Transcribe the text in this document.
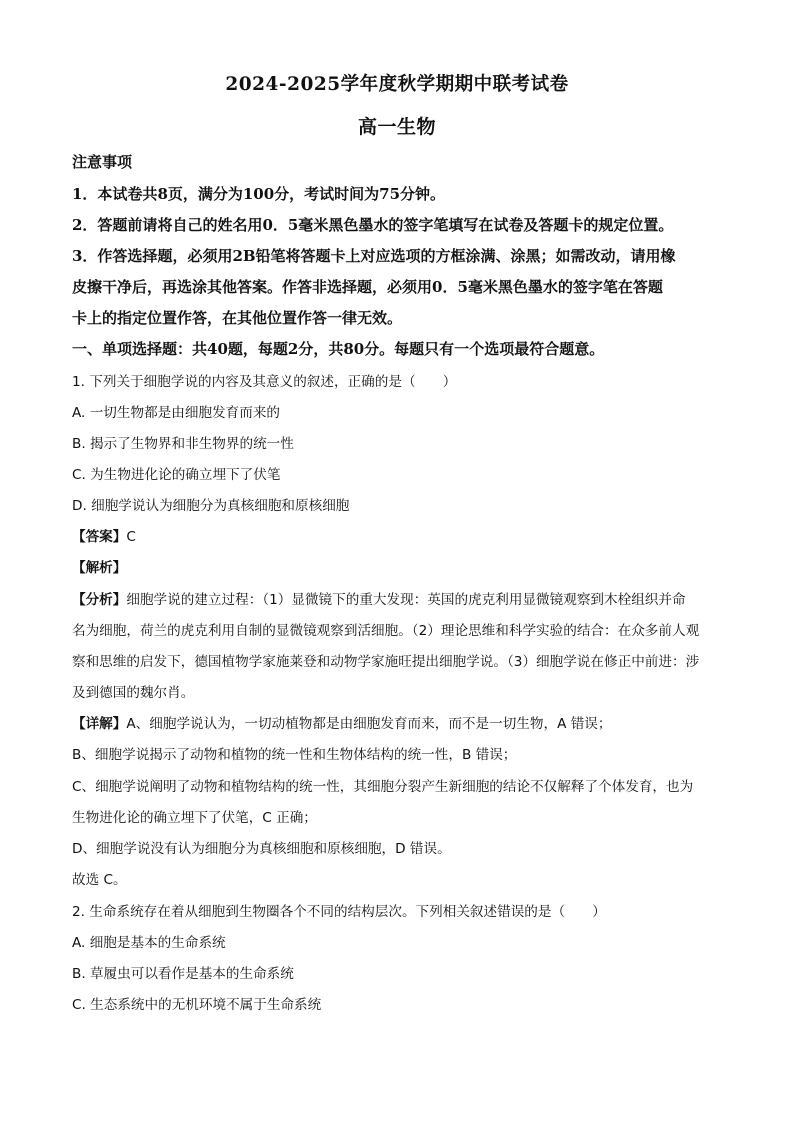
2024-2025学年度秋学期期中联考试卷
高一生物
注意事项
1．本试卷共8页，满分为100分，考试时间为75分钟。
2．答题前请将自己的姓名用0．5毫米黑色墨水的签字笔填写在试卷及答题卡的规定位置。
3．作答选择题，必须用2B铅笔将答题卡上对应选项的方框涂满、涂黑；如需改动，请用橡
皮擦干净后，再选涂其他答案。作答非选择题，必须用0．5毫米黑色墨水的签字笔在答题
卡上的指定位置作答，在其他位置作答一律无效。
一、单项选择题：共40题，每题2分，共80分。每题只有一个选项最符合题意。
1. 下列关于细胞学说的内容及其意义的叙述，正确的是（　　）
A. 一切生物都是由细胞发育而来的
B. 揭示了生物界和非生物界的统一性
C. 为生物进化论的确立埋下了伏笔
D. 细胞学说认为细胞分为真核细胞和原核细胞
【答案】C
【解析】
【分析】细胞学说的建立过程：（1）显微镜下的重大发现：英国的虎克利用显微镜观察到木栓组织并命
名为细胞，荷兰的虎克利用自制的显微镜观察到活细胞。（2）理论思维和科学实验的结合：在众多前人观
察和思维的启发下，德国植物学家施莱登和动物学家施旺提出细胞学说。（3）细胞学说在修正中前进：涉
及到德国的魏尔肖。
【详解】A、细胞学说认为，一切动植物都是由细胞发育而来，而不是一切生物，A 错误；
B、细胞学说揭示了动物和植物的统一性和生物体结构的统一性，B 错误；
C、细胞学说阐明了动物和植物结构的统一性，其细胞分裂产生新细胞的结论不仅解释了个体发育，也为
生物进化论的确立埋下了伏笔，C 正确；
D、细胞学说没有认为细胞分为真核细胞和原核细胞，D 错误。
故选 C。
2. 生命系统存在着从细胞到生物圈各个不同的结构层次。下列相关叙述错误的是（　　）
A. 细胞是基本的生命系统
B. 草履虫可以看作是基本的生命系统
C. 生态系统中的无机环境不属于生命系统
